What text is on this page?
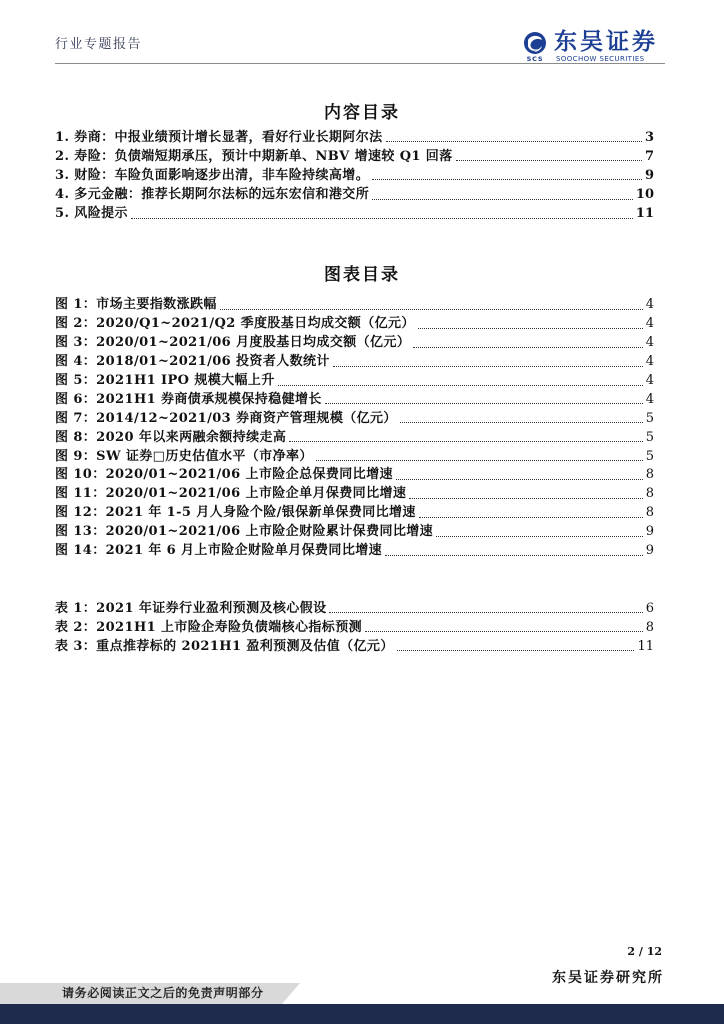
行业专题报告
SCS
东吴证券
SOOCHOW SECURITIES
内容目录
1. 券商：中报业绩预计增长显著，看好行业长期阿尔法	3
2. 寿险：负债端短期承压，预计中期新单、NBV 增速较 Q1 回落	7
3. 财险：车险负面影响逐步出清，非车险持续高增。	9
4. 多元金融：推荐长期阿尔法标的远东宏信和港交所	10
5. 风险提示	11
图表目录
图 1：市场主要指数涨跌幅	4
图 2：2020/Q1~2021/Q2 季度股基日均成交额（亿元）	4
图 3：2020/01~2021/06 月度股基日均成交额（亿元）	4
图 4：2018/01~2021/06 投资者人数统计	4
图 5：2021H1 IPO 规模大幅上升	4
图 6：2021H1 券商债承规模保持稳健增长	4
图 7：2014/12~2021/03 券商资产管理规模（亿元）	5
图 8：2020 年以来两融余额持续走高	5
图 9：SW 证券□历史估值水平（市净率）	5
图 10：2020/01~2021/06 上市险企总保费同比增速	8
图 11：2020/01~2021/06 上市险企单月保费同比增速	8
图 12：2021 年 1-5 月人身险个险/银保新单保费同比增速	8
图 13：2020/01~2021/06 上市险企财险累计保费同比增速	9
图 14：2021 年 6 月上市险企财险单月保费同比增速	9
表 1：2021 年证券行业盈利预测及核心假设	6
表 2：2021H1 上市险企寿险负债端核心指标预测	8
表 3：重点推荐标的 2021H1 盈利预测及估值（亿元）	11
2 / 12
东吴证券研究所
请务必阅读正文之后的免责声明部分
